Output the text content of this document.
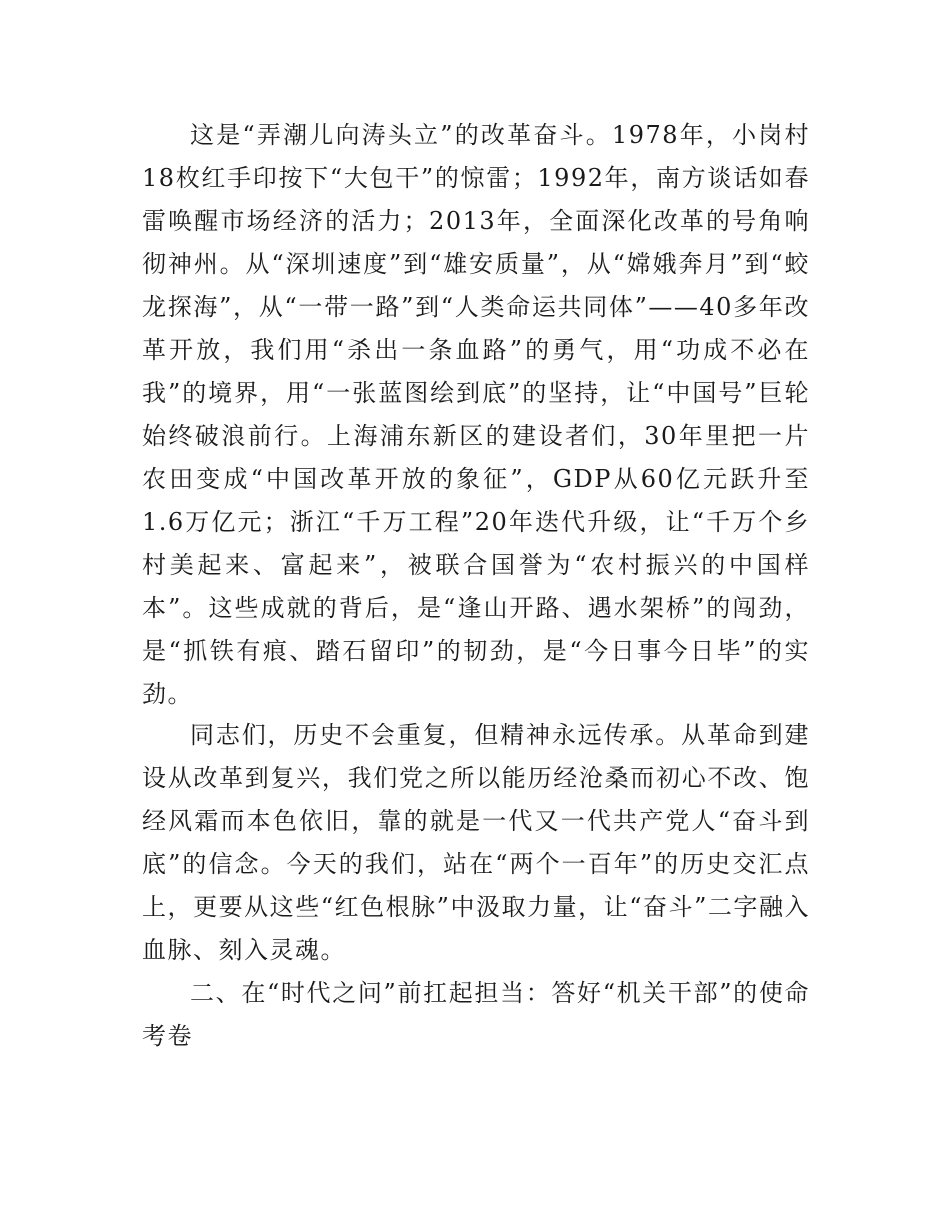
这是“弄潮儿向涛头立”的改革奋斗。1978年，小岗村18枚红手印按下“大包干”的惊雷；1992年，南方谈话如春雷唤醒市场经济的活力；2013年，全面深化改革的号角响彻神州。从“深圳速度”到“雄安质量”，从“嫦娥奔月”到“蛟龙探海”，从“一带一路”到“人类命运共同体”——40多年改革开放，我们用“杀出一条血路”的勇气，用“功成不必在我”的境界，用“一张蓝图绘到底”的坚持，让“中国号”巨轮始终破浪前行。上海浦东新区的建设者们，30年里把一片农田变成“中国改革开放的象征”，GDP从60亿元跃升至1.6万亿元；浙江“千万工程”20年迭代升级，让“千万个乡村美起来、富起来”，被联合国誉为“农村振兴的中国样本”。这些成就的背后，是“逢山开路、遇水架桥”的闯劲，是“抓铁有痕、踏石留印”的韧劲，是“今日事今日毕”的实劲。

同志们，历史不会重复，但精神永远传承。从革命到建设从改革到复兴，我们党之所以能历经沧桑而初心不改、饱经风霜而本色依旧，靠的就是一代又一代共产党人“奋斗到底”的信念。今天的我们，站在“两个一百年”的历史交汇点上，更要从这些“红色根脉”中汲取力量，让“奋斗”二字融入血脉、刻入灵魂。

二、在“时代之问”前扛起担当：答好“机关干部”的使命考卷
